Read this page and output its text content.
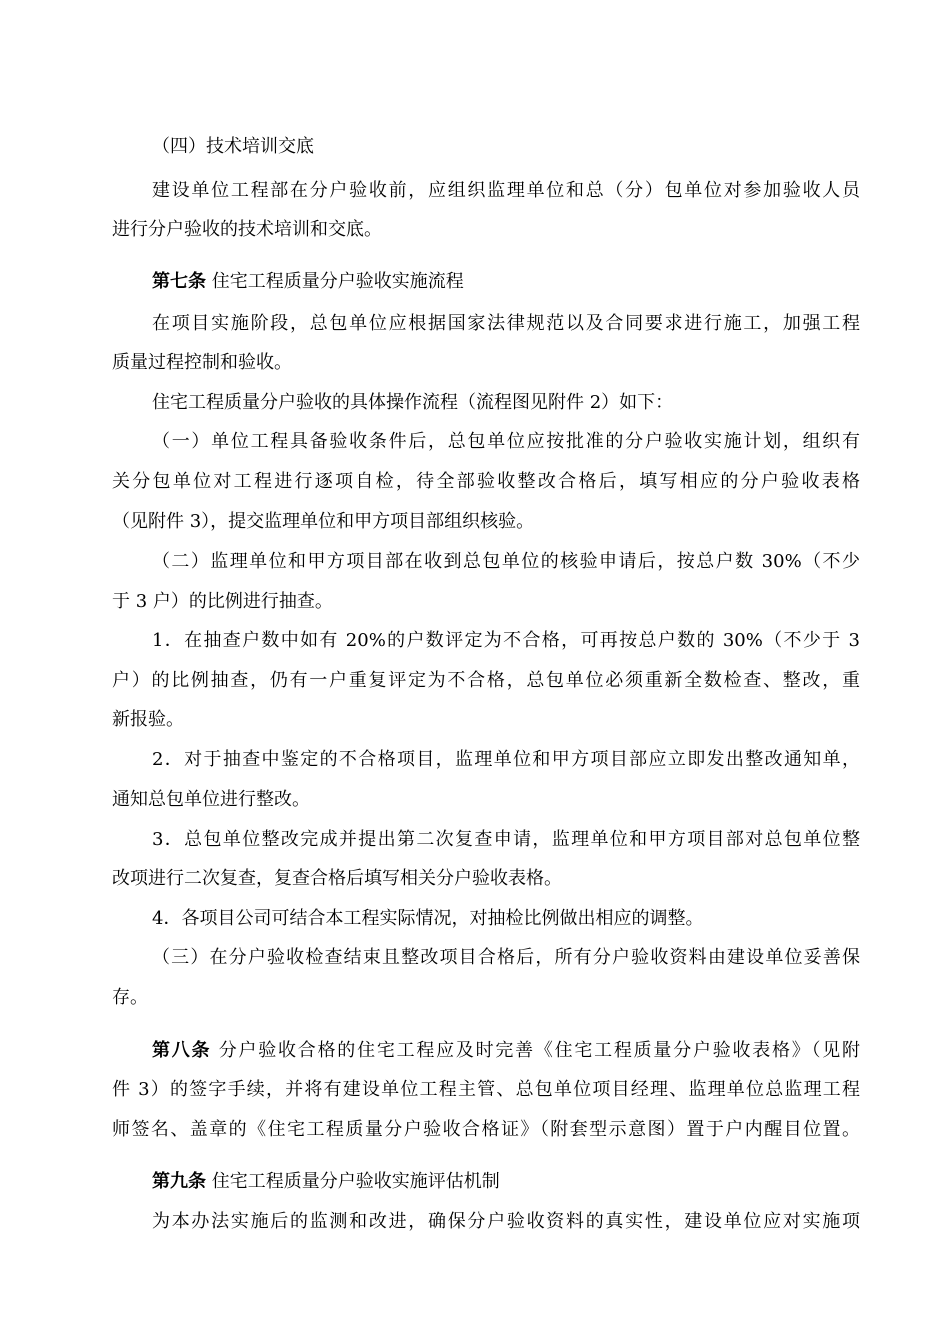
（四）技术培训交底

建设单位工程部在分户验收前，应组织监理单位和总（分）包单位对参加验收人员

进行分户验收的技术培训和交底。

第七条 住宅工程质量分户验收实施流程

在项目实施阶段，总包单位应根据国家法律规范以及合同要求进行施工，加强工程

质量过程控制和验收。

住宅工程质量分户验收的具体操作流程（流程图见附件 2）如下：

（一）单位工程具备验收条件后，总包单位应按批准的分户验收实施计划，组织有

关分包单位对工程进行逐项自检，待全部验收整改合格后，填写相应的分户验收表格

（见附件 3），提交监理单位和甲方项目部组织核验。

（二）监理单位和甲方项目部在收到总包单位的核验申请后，按总户数 30%（不少

于 3 户）的比例进行抽查。

1．在抽查户数中如有 20%的户数评定为不合格，可再按总户数的 30%（不少于 3

户）的比例抽查，仍有一户重复评定为不合格，总包单位必须重新全数检查、整改，重

新报验。

2．对于抽查中鉴定的不合格项目，监理单位和甲方项目部应立即发出整改通知单，

通知总包单位进行整改。

3．总包单位整改完成并提出第二次复查申请，监理单位和甲方项目部对总包单位整

改项进行二次复查，复查合格后填写相关分户验收表格。

4．各项目公司可结合本工程实际情况，对抽检比例做出相应的调整。

（三）在分户验收检查结束且整改项目合格后，所有分户验收资料由建设单位妥善保

存。

第八条 分户验收合格的住宅工程应及时完善《住宅工程质量分户验收表格》（见附

件 3）的签字手续，并将有建设单位工程主管、总包单位项目经理、监理单位总监理工程

师签名、盖章的《住宅工程质量分户验收合格证》（附套型示意图）置于户内醒目位置。

第九条 住宅工程质量分户验收实施评估机制

为本办法实施后的监测和改进，确保分户验收资料的真实性，建设单位应对实施项
